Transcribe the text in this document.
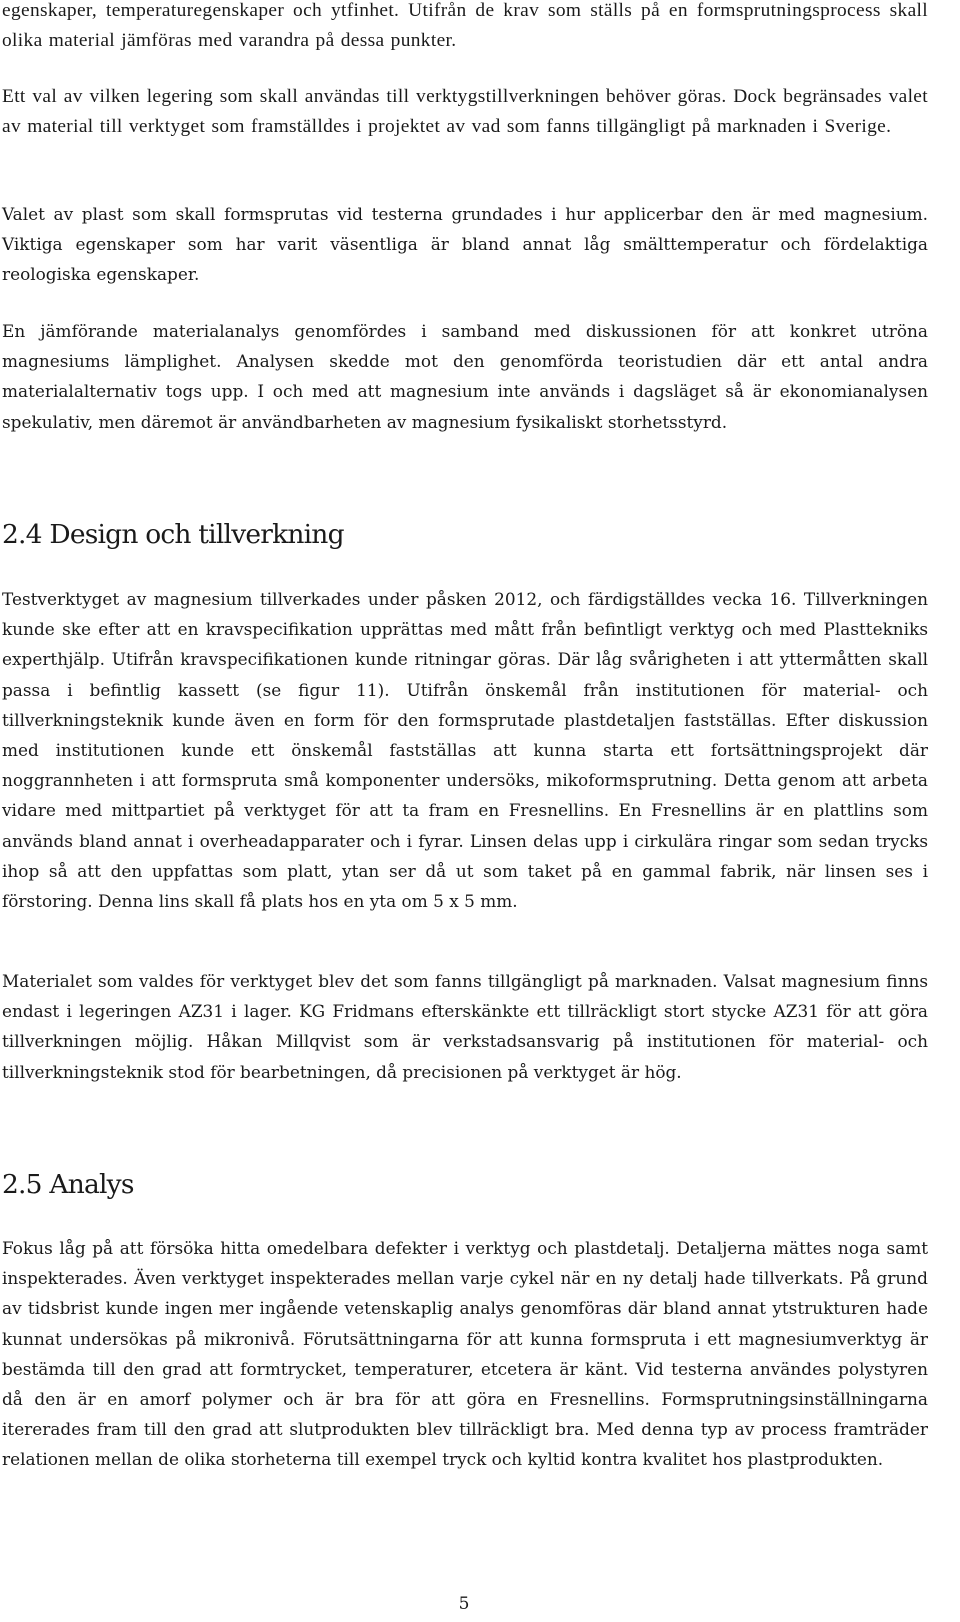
egenskaper, temperaturegenskaper och ytfinhet. Utifrån de krav som ställs på en formsprutningsprocess skall olika material jämföras med varandra på dessa punkter.

Ett val av vilken legering som skall användas till verktygstillverkningen behöver göras. Dock begränsades valet av material till verktyget som framställdes i projektet av vad som fanns tillgängligt på marknaden i Sverige.

Valet av plast som skall formsprutas vid testerna grundades i hur applicerbar den är med magnesium. Viktiga egenskaper som har varit väsentliga är bland annat låg smälttemperatur och fördelaktiga reologiska egenskaper.

En jämförande materialanalys genomfördes i samband med diskussionen för att konkret utröna magnesiums lämplighet. Analysen skedde mot den genomförda teoristudien där ett antal andra materialalternativ togs upp. I och med att magnesium inte används i dagsläget så är ekonomianalysen spekulativ, men däremot är användbarheten av magnesium fysikaliskt storhetsstyrd.

2.4 Design och tillverkning

Testverktyget av magnesium tillverkades under påsken 2012, och färdigställdes vecka 16. Tillverkningen kunde ske efter att en kravspecifikation upprättas med mått från befintligt verktyg och med Plasttekniks experthjälp. Utifrån kravspecifikationen kunde ritningar göras. Där låg svårigheten i att yttermåtten skall passa i befintlig kassett (se figur 11). Utifrån önskemål från institutionen för material- och tillverkningsteknik kunde även en form för den formsprutade plastdetaljen fastställas. Efter diskussion med institutionen kunde ett önskemål fastställas att kunna starta ett fortsättningsprojekt där noggrannheten i att formspruta små komponenter undersöks, mikoformsprutning. Detta genom att arbeta vidare med mittpartiet på verktyget för att ta fram en Fresnellins. En Fresnellins är en plattlins som används bland annat i overheadapparater och i fyrar. Linsen delas upp i cirkulära ringar som sedan trycks ihop så att den uppfattas som platt, ytan ser då ut som taket på en gammal fabrik, när linsen ses i förstoring. Denna lins skall få plats hos en yta om 5 x 5 mm.

Materialet som valdes för verktyget blev det som fanns tillgängligt på marknaden. Valsat magnesium finns endast i legeringen AZ31 i lager. KG Fridmans efterskänkte ett tillräckligt stort stycke AZ31 för att göra tillverkningen möjlig. Håkan Millqvist som är verkstadsansvarig på institutionen för material- och tillverkningsteknik stod för bearbetningen, då precisionen på verktyget är hög.

2.5 Analys

Fokus låg på att försöka hitta omedelbara defekter i verktyg och plastdetalj. Detaljerna mättes noga samt inspekterades. Även verktyget inspekterades mellan varje cykel när en ny detalj hade tillverkats. På grund av tidsbrist kunde ingen mer ingående vetenskaplig analys genomföras där bland annat ytstrukturen hade kunnat undersökas på mikronivå. Förutsättningarna för att kunna formspruta i ett magnesiumverktyg är bestämda till den grad att formtrycket, temperaturer, etcetera är känt. Vid testerna användes polystyren då den är en amorf polymer och är bra för att göra en Fresnellins. Formsprutningsinställningarna itererades fram till den grad att slutprodukten blev tillräckligt bra. Med denna typ av process framträder relationen mellan de olika storheterna till exempel tryck och kyltid kontra kvalitet hos plastprodukten.

5
